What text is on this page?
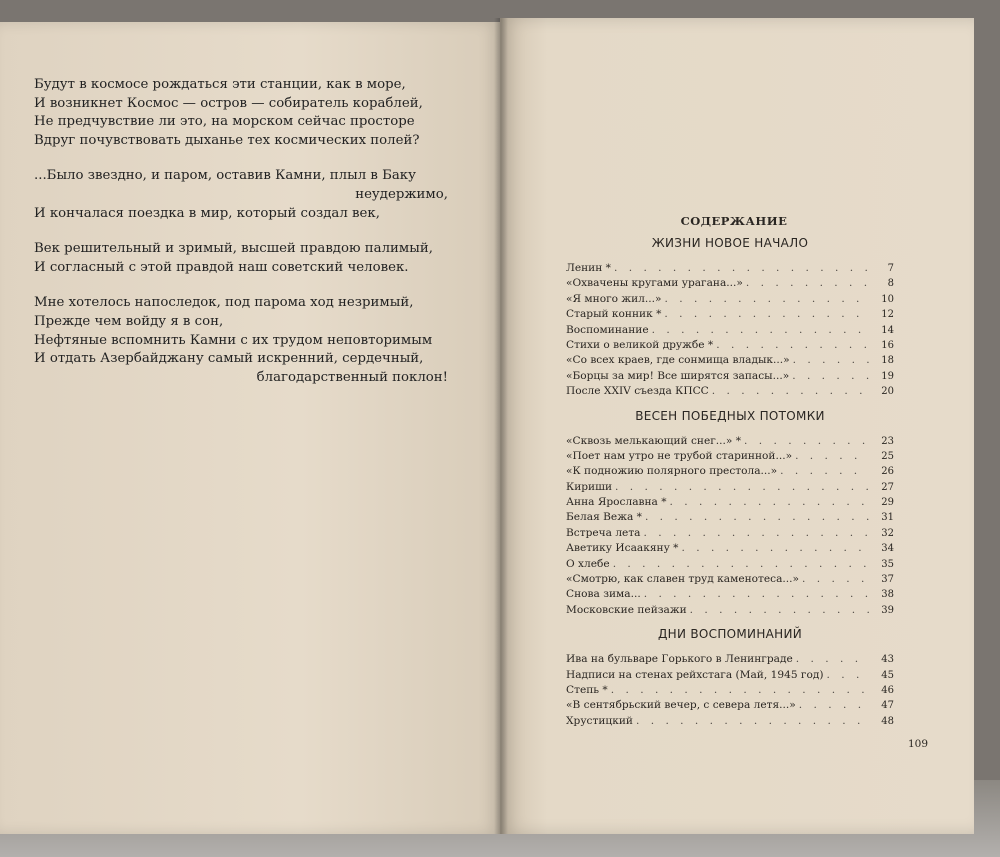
Будут в космосе рождаться эти станции, как в море,
И возникнет Космос — остров — собиратель кораблей,
Не предчувствие ли это, на морском сейчас просторе
Вдруг почувствовать дыханье тех космических полей?
...Было звездно, и паром, оставив Камни, плыл в Баку
неудержимо,
И кончалася поездка в мир, который создал век,
Век решительный и зримый, высшей правдою палимый,
И согласный с этой правдой наш советский человек.
Мне хотелось напоследок, под парома ход незримый,
Прежде чем войду я в сон,
Нефтяные вспомнить Камни с их трудом неповторимым
И отдать Азербайджану самый искренний, сердечный,
благодарственный поклон!
СОДЕРЖАНИЕ
ЖИЗНИ НОВОЕ НАЧАЛО
Ленин * . . .	7
«Охвачены кругами урагана...» . . .	8
«Я много жил...» . . .	10
Старый конник * . . .	12
Воспоминание . . .	14
Стихи о великой дружбе * . . .	16
«Со всех краев, где сонмища владык...» . . .	18
«Борцы за мир! Все ширятся запасы...» . . .	19
После XXIV съезда КПСС . . .	20
ВЕСЕН ПОБЕДНЫХ ПОТОМКИ
«Сквозь мелькающий снег...» * . . .	23
«Поет нам утро не трубой старинной...» . . .	25
«К подножию полярного престола...» . . .	26
Кириши . . .	27
Анна Ярославна * . . .	29
Белая Вежа * . . .	31
Встреча лета . . .	32
Аветику Исаакяну * . . .	34
О хлебе . . .	35
«Смотрю, как славен труд каменотеса...» . . .	37
Снова зима... . . .	38
Московские пейзажи . . .	39
ДНИ ВОСПОМИНАНИЙ
Ива на бульваре Горького в Ленинграде . . .	43
Надписи на стенах рейхстага (Май, 1945 год) . . .	45
Степь * . . .	46
«В сентябрьский вечер, с севера летя...» . . .	47
Хрустицкий . . .	48
109
